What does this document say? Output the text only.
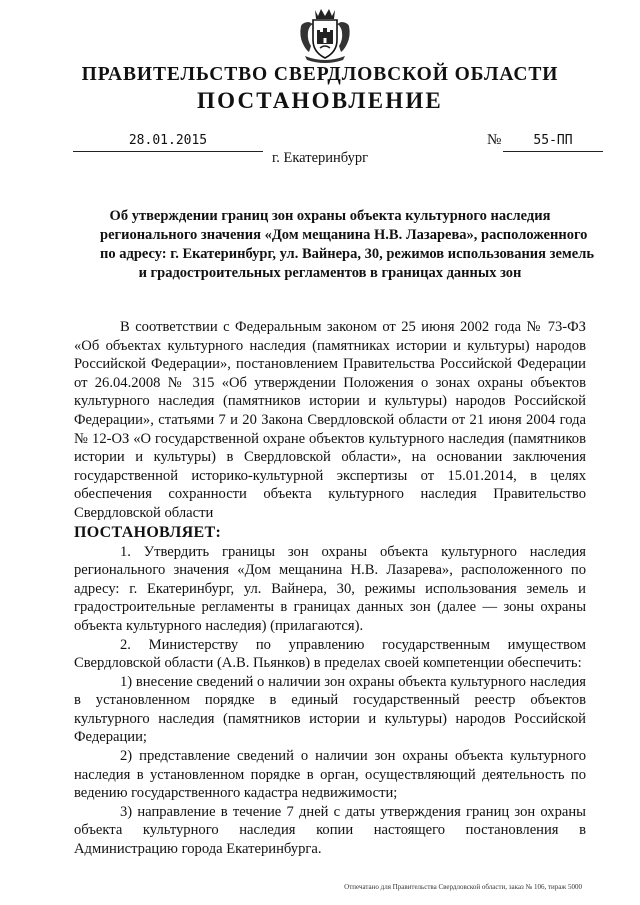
ПРАВИТЕЛЬСТВО СВЕРДЛОВСКОЙ ОБЛАСТИ
ПОСТАНОВЛЕНИЕ
28.01.2015	№	55-ПП
г. Екатеринбург
Об утверждении границ зон охраны объекта культурного наследия
регионального значения «Дом мещанина Н.В. Лазарева», расположенного
по адресу: г. Екатеринбург, ул. Вайнера, 30, режимов использования земель
и градостроительных регламентов в границах данных зон

В соответствии с Федеральным законом от 25 июня 2002 года № 73-ФЗ «Об объектах культурного наследия (памятниках истории и культуры) народов Российской Федерации», постановлением Правительства Российской Федерации от 26.04.2008 № 315 «Об утверждении Положения о зонах охраны объектов культурного наследия (памятников истории и культуры) народов Российской Федерации», статьями 7 и 20 Закона Свердловской области от 21 июня 2004 года № 12-ОЗ «О государственной охране объектов культурного наследия (памятников истории и культуры) в Свердловской области», на основании заключения государственной историко-культурной экспертизы от 15.01.2014, в целях обеспечения сохранности объекта культурного наследия Правительство Свердловской области

ПОСТАНОВЛЯЕТ:

1. Утвердить границы зон охраны объекта культурного наследия регионального значения «Дом мещанина Н.В. Лазарева», расположенного по адресу: г. Екатеринбург, ул. Вайнера, 30, режимы использования земель и градостроительные регламенты в границах данных зон (далее — зоны охраны объекта культурного наследия) (прилагаются).

2. Министерству по управлению государственным имуществом Свердловской области (А.В. Пьянков) в пределах своей компетенции обеспечить:

1) внесение сведений о наличии зон охраны объекта культурного наследия в установленном порядке в единый государственный реестр объектов культурного наследия (памятников истории и культуры) народов Российской Федерации;

2) представление сведений о наличии зон охраны объекта культурного наследия в установленном порядке в орган, осуществляющий деятельность по ведению государственного кадастра недвижимости;

3) направление в течение 7 дней с даты утверждения границ зон охраны объекта культурного наследия копии настоящего постановления в Администрацию города Екатеринбурга.

Отпечатано для Правительства Свердловской области, заказ № 106, тираж 5000
